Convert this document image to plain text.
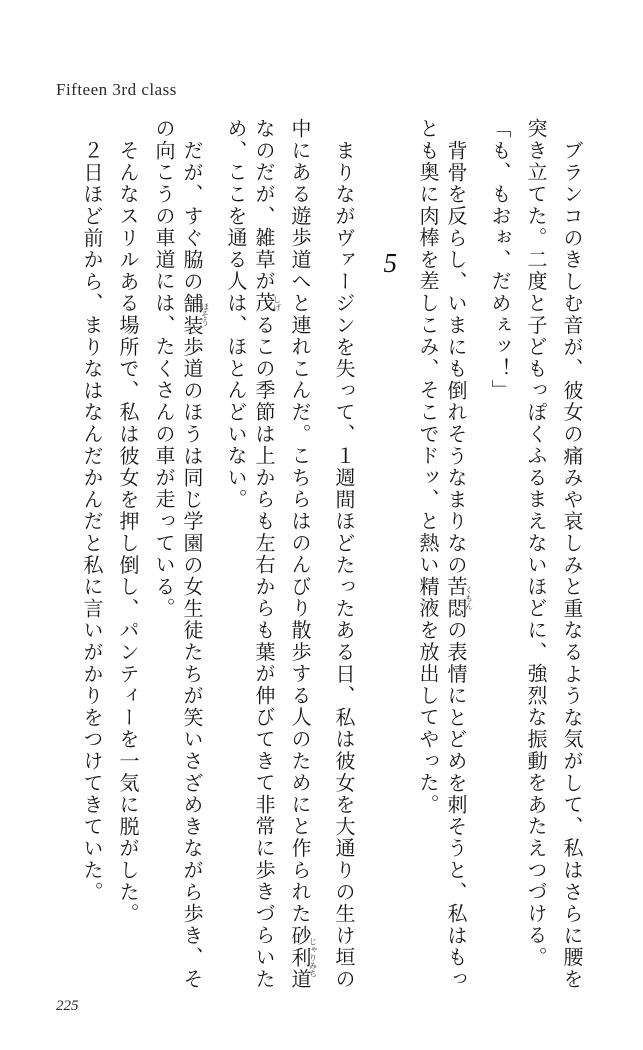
Fifteen 3rd class
ブランコのきしむ音が、彼女の痛みや哀しみと重なるような気がして、私はさらに腰を
突き立てた。二度と子どもっぽくふるまえないほどに、強烈な振動をあたえつづける。
「も、もおぉ、だめぇッ！」
背骨を反らし、いまにも倒れそうなまりなの苦悶くもんの表情にとどめを刺そうと、私はもっ
とも奥に肉棒を差しこみ、そこでドッ、と熱い精液を放出してやった。
5
まりながヴァージンを失って、１週間ほどたったある日、私は彼女を大通りの生け垣の
中にある遊歩道へと連れこんだ。こちらはのんびり散歩する人のためにと作られた砂利道じゃりみち
なのだが、雑草が茂しげるこの季節は上からも左右からも葉が伸びてきて非常に歩きづらいた
め、ここを通る人は、ほとんどいない。
だが、すぐ脇の舗装ほそう歩道のほうは同じ学園の女生徒たちが笑いさざめきながら歩き、そ
の向こうの車道には、たくさんの車が走っている。
そんなスリルある場所で、私は彼女を押し倒し、パンティーを一気に脱がした。
２日ほど前から、まりなはなんだかんだと私に言いがかりをつけてきていた。
225
